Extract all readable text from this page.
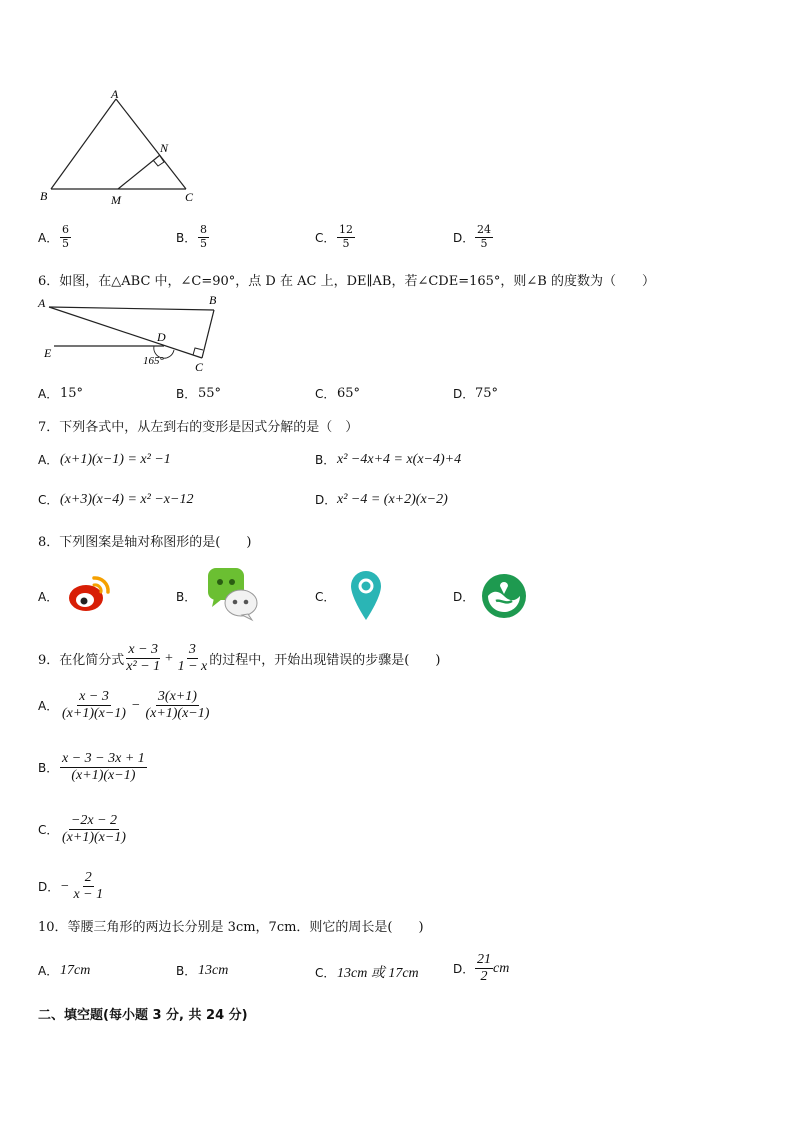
A
B	C
M
N
A． $\frac{6}{5}$	B． $\frac{8}{5}$	C． $\frac{12}{5}$	D． $\frac{24}{5}$
6．如图，在△ABC 中，∠C=90°，点 D 在 AC 上，DE∥AB，若∠CDE=165°，则∠B 的度数为（　　）
A	B
C
D
E
165°
A． 15°	B． 55°	C． 65°	D． 75°
7．下列各式中，从左到右的变形是因式分解的是（　）
A． (x+1)(x−1) = x² −1	B． x² −4x+4 = x(x−4)+4
C． (x+3)(x−4) = x² −x−12	D． x² −4 = (x+2)(x−2)
8．下列图案是轴对称图形的是(　　)
A．	B．	C．	D．
9．在化简分式 $\frac{x - 3}{\text{x² − 1}} + \frac{3}{1 - x}$ 的过程中，开始出现错误的步骤是(　　)
A． $\frac{x - 3}{(x+1)(x-1)} - \frac{3(x+1)}{(x+1)(x-1)}$
B． $\frac{x - 3 - 3x + 1}{(x+1)(x-1)}$
C． $\frac{-2x - 2}{(x+1)(x-1)}$
D． − $\frac{2}{x - 1}$
10．等腰三角形的两边长分别是 3cm，7cm．则它的周长是(　　)
A． 17cm	B． 13cm	C． 13cm 或 17cm	D． $\frac{21}{2}$ cm
二、填空题(每小题 3 分, 共 24 分)
